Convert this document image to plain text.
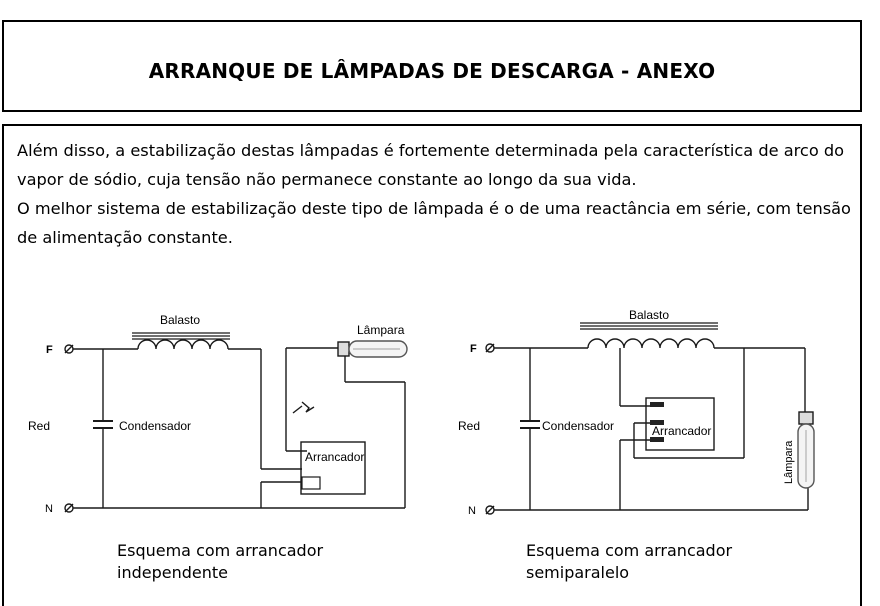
ARRANQUE DE LÂMPADAS DE DESCARGA - ANEXO

Além disso, a estabilização destas lâmpadas é fortemente determinada pela característica de arco do vapor de sódio, cuja tensão não permanece constante ao longo da sua vida.

O melhor sistema de estabilização deste tipo de lâmpada é o de uma reactância em série, com tensão de alimentação constante.

F
N
Red
Balasto
Condensador
Lâmpara
Arrancador
F
N
Red
Balasto
Condensador	Arrancador
Lâmpara
Esquema com arrancador
independente
Esquema com arrancador
semiparalelo
